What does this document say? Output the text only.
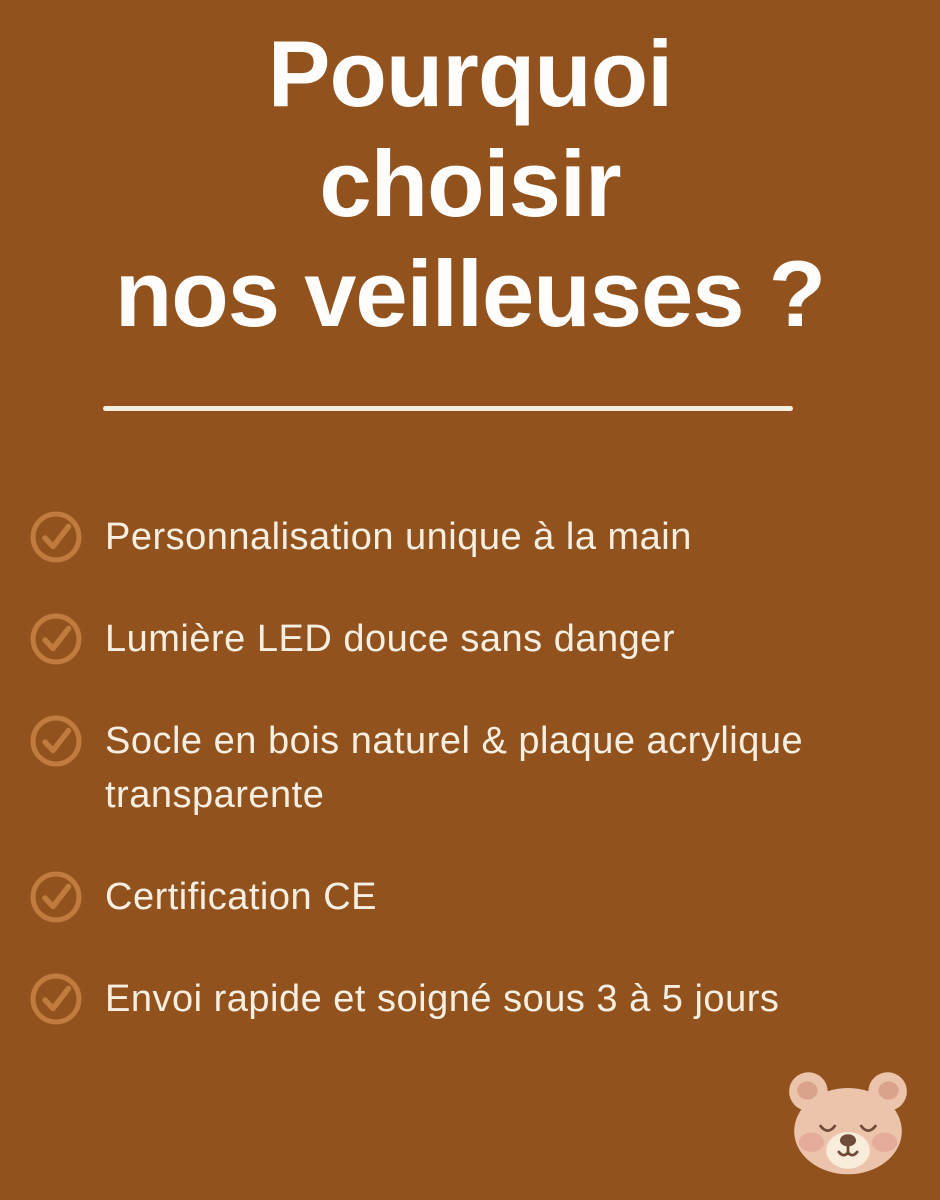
Pourquoi
choisir
nos veilleuses ?
Personnalisation unique à la main
Lumière LED douce sans danger
Socle en bois naturel & plaque acrylique transparente
Certification CE
Envoi rapide et soigné sous 3 à 5 jours
